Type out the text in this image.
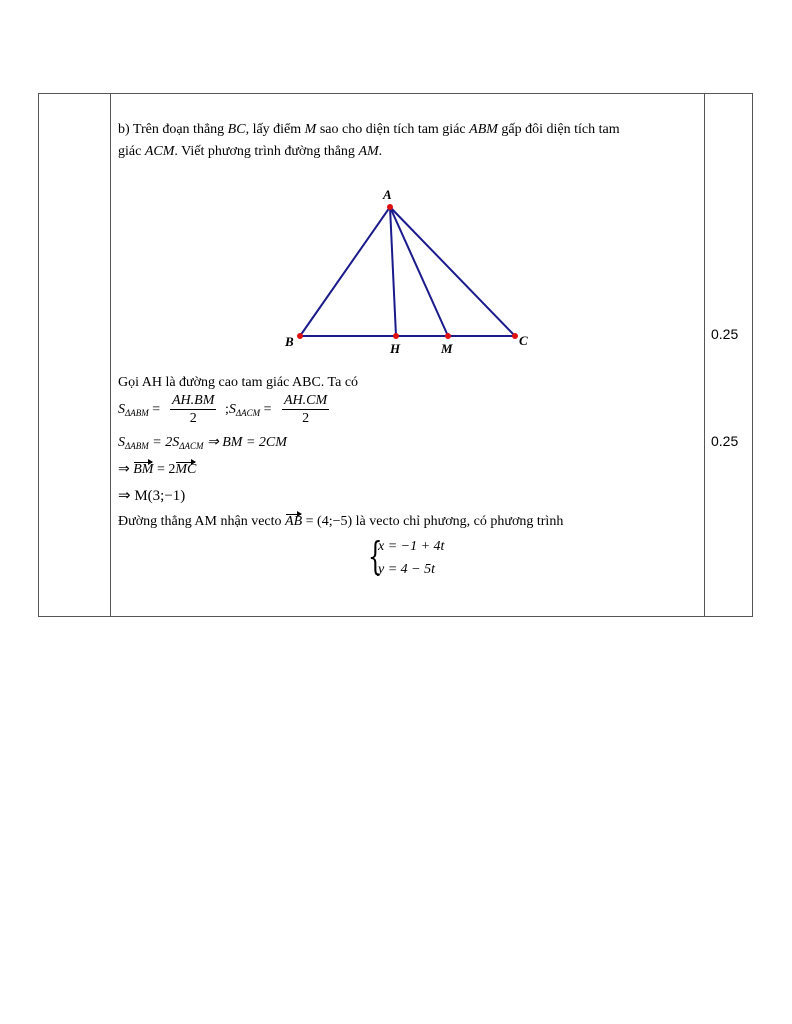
b) Trên đoạn thẳng BC, lấy điểm M sao cho diện tích tam giác ABM gấp đôi diện tích tam
giác ACM. Viết phương trình đường thẳng AM.
A
B	C
H	M
Gọi AH là đường cao tam giác ABC. Ta có
$S_{\Delta ABM} = \frac{AH.BM}{2}$ $;S_{\Delta ACM} = \frac{AH.CM}{2}$
$S_{\Delta ABM} = 2S_{\Delta ACM}$ ⇒ BM = 2CM
⇒ BM = 2MC
⇒ M(3;−1)
Đường thẳng AM nhận vecto AB = (4;−5) là vecto chỉ phương, có phương trình
{
x = −1 + 4t
y = 4 − 5t
0.25
0.25
